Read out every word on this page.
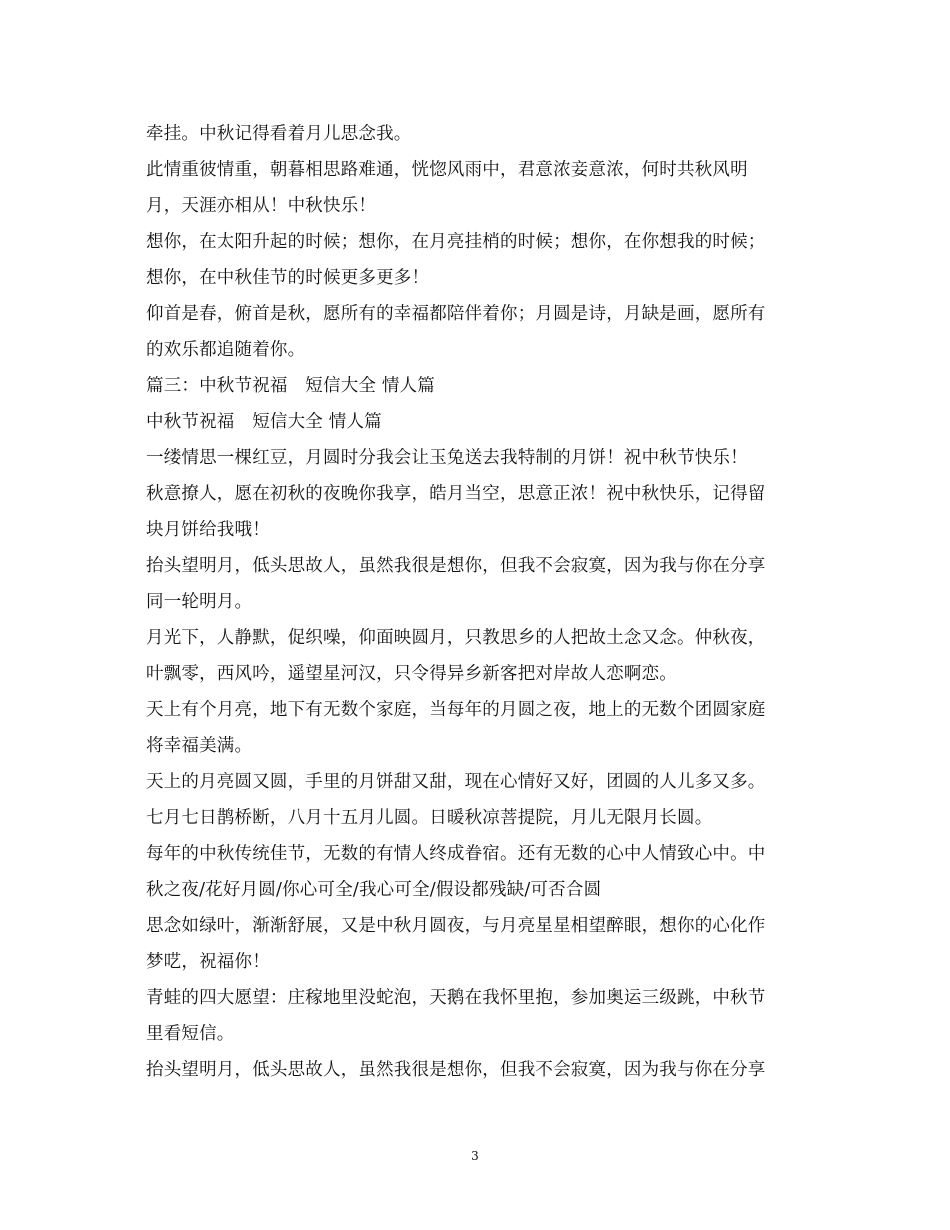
牵挂。中秋记得看着月儿思念我。
此情重彼情重，朝暮相思路难通，恍惚风雨中，君意浓妾意浓，何时共秋风明
月，天涯亦相从！中秋快乐！
想你，在太阳升起的时候；想你，在月亮挂梢的时候；想你，在你想我的时候；
想你，在中秋佳节的时候更多更多！
仰首是春，俯首是秋，愿所有的幸福都陪伴着你；月圆是诗，月缺是画，愿所有
的欢乐都追随着你。
篇三：中秋节祝福　短信大全 情人篇
中秋节祝福　短信大全 情人篇
一缕情思一棵红豆，月圆时分我会让玉兔送去我特制的月饼！祝中秋节快乐！
秋意撩人，愿在初秋的夜晚你我享，皓月当空，思意正浓！祝中秋快乐，记得留
块月饼给我哦！
抬头望明月，低头思故人，虽然我很是想你，但我不会寂寞，因为我与你在分享
同一轮明月。
月光下，人静默，促织噪，仰面映圆月，只教思乡的人把故土念又念。仲秋夜，
叶飘零，西风吟，遥望星河汉，只令得异乡新客把对岸故人恋啊恋。
天上有个月亮，地下有无数个家庭，当每年的月圆之夜，地上的无数个团圆家庭
将幸福美满。
天上的月亮圆又圆，手里的月饼甜又甜，现在心情好又好，团圆的人儿多又多。
七月七日鹊桥断，八月十五月儿圆。日暖秋凉菩提院，月儿无限月长圆。
每年的中秋传统佳节，无数的有情人终成眷宿。还有无数的心中人情致心中。中
秋之夜/花好月圆/你心可全/我心可全/假设都残缺/可否合圆
思念如绿叶，渐渐舒展，又是中秋月圆夜，与月亮星星相望醉眼，想你的心化作
梦呓，祝福你！
青蛙的四大愿望：庄稼地里没蛇泡，天鹅在我怀里抱，参加奥运三级跳，中秋节
里看短信。
抬头望明月，低头思故人，虽然我很是想你，但我不会寂寞，因为我与你在分享
3
